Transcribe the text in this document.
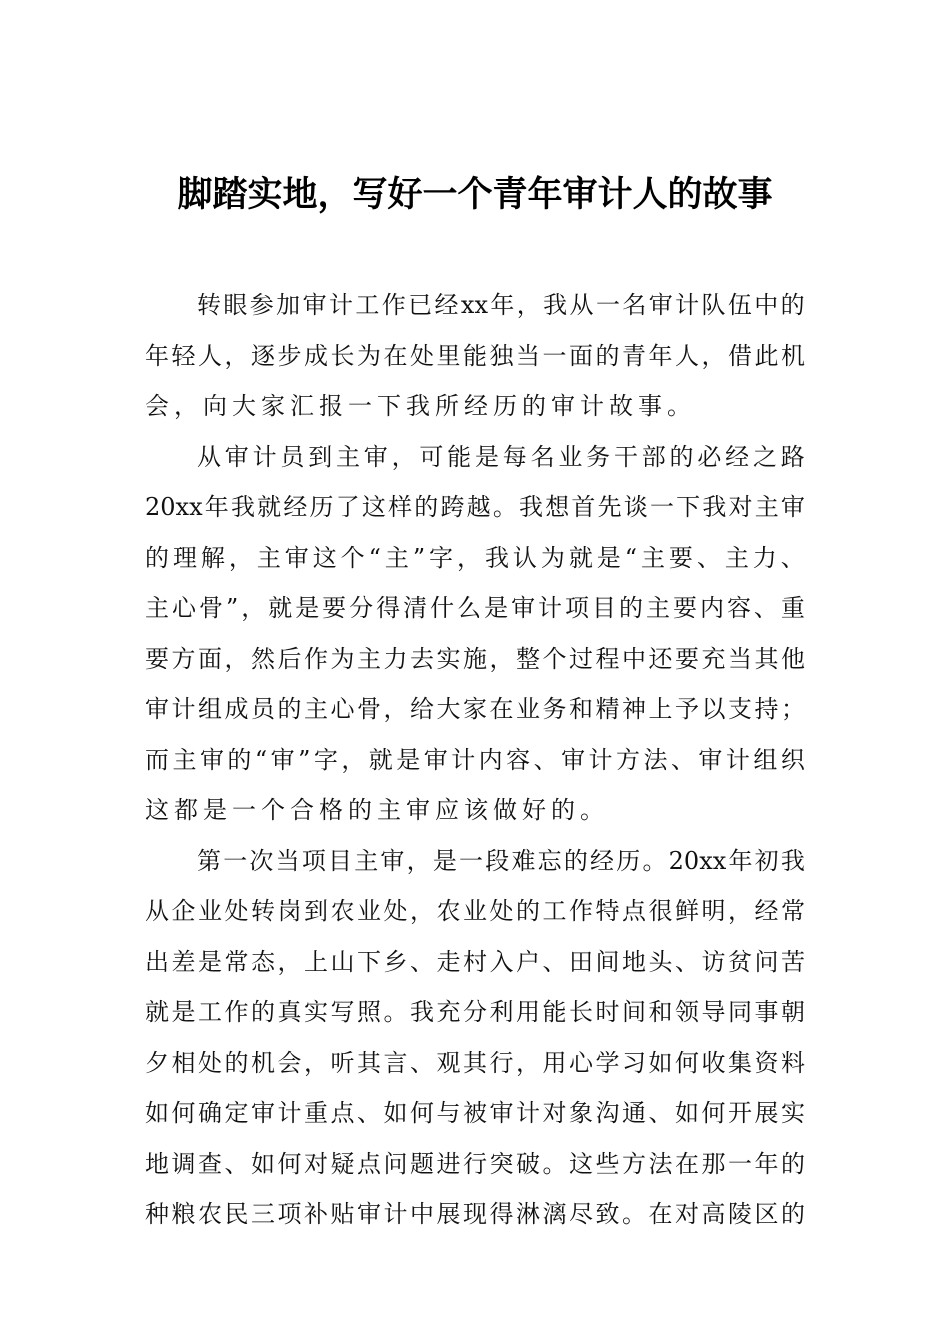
脚踏实地，写好一个青年审计人的故事
转 眼 参 加 审 计 工 作 已 经 xx 年 ， 我 从 一 名 审 计 队 伍 中 的
年 轻 人 ， 逐 步 成 长 为 在 处 里 能 独 当 一 面 的 青 年 人 ， 借 此 机
会 ， 向 大 家 汇 报 一 下 我 所 经 历 的 审 计 故 事 。
从 审 计 员 到 主 审 ， 可 能 是 每 名 业 务 干 部 的 必 经 之 路
20xx 年 我 就 经 历 了 这 样 的 跨 越 。 我 想 首 先 谈 一 下 我 对 主 审
的 理 解 ， 主 审 这 个 “ 主 ” 字 ， 我 认 为 就 是 “ 主 要 、 主 力 、
主 心 骨 ” ， 就 是 要 分 得 清 什 么 是 审 计 项 目 的 主 要 内 容 、 重
要 方 面 ， 然 后 作 为 主 力 去 实 施 ， 整 个 过 程 中 还 要 充 当 其 他
审 计 组 成 员 的 主 心 骨 ， 给 大 家 在 业 务 和 精 神 上 予 以 支 持 ；
而 主 审 的 “ 审 ” 字 ， 就 是 审 计 内 容 、 审 计 方 法 、 审 计 组 织
这 都 是 一 个 合 格 的 主 审 应 该 做 好 的 。
第 一 次 当 项 目 主 审 ， 是 一 段 难 忘 的 经 历 。 20xx 年 初 我
从 企 业 处 转 岗 到 农 业 处 ， 农 业 处 的 工 作 特 点 很 鲜 明 ， 经 常
出 差 是 常 态 ， 上 山 下 乡 、 走 村 入 户 、 田 间 地 头 、 访 贫 问 苦
就 是 工 作 的 真 实 写 照 。 我 充 分 利 用 能 长 时 间 和 领 导 同 事 朝
夕 相 处 的 机 会 ， 听 其 言 、 观 其 行 ， 用 心 学 习 如 何 收 集 资 料
如 何 确 定 审 计 重 点 、 如 何 与 被 审 计 对 象 沟 通 、 如 何 开 展 实
地 调 查 、 如 何 对 疑 点 问 题 进 行 突 破 。 这 些 方 法 在 那 一 年 的
种 粮 农 民 三 项 补 贴 审 计 中 展 现 得 淋 漓 尽 致 。 在 对 高 陵 区 的
